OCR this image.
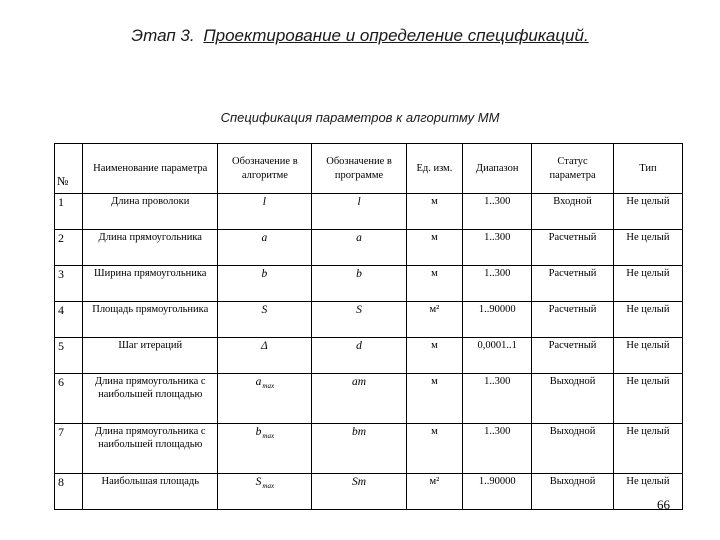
Этап 3. Проектирование и определение спецификаций.
Спецификация параметров к алгоритму ММ
№	Наименование параметра	Обозначение в алгоритме	Обозначение в программе	Ед. изм.	Диапазон	Статус параметра	Тип
1	Длина проволоки	l	l	м	1..300	Входной	Не целый
2	Длина прямоугольника	a	a	м	1..300	Расчетный	Не целый
3	Ширина прямоугольника	b	b	м	1..300	Расчетный	Не целый
4	Площадь прямоугольника	S	S	м²	1..90000	Расчетный	Не целый
5	Шаг итераций	Δ	d	м	0,0001..1	Расчетный	Не целый
6	Длина прямоугольника с наибольшей площадью	$a_{max}$	am	м	1..300	Выходной	Не целый
7	Длина прямоугольника с наибольшей площадью	$b_{max}$	bm	м	1..300	Выходной	Не целый
8	Наибольшая площадь	$S_{max}$	Sm	м²	1..90000	Выходной	Не целый
66
